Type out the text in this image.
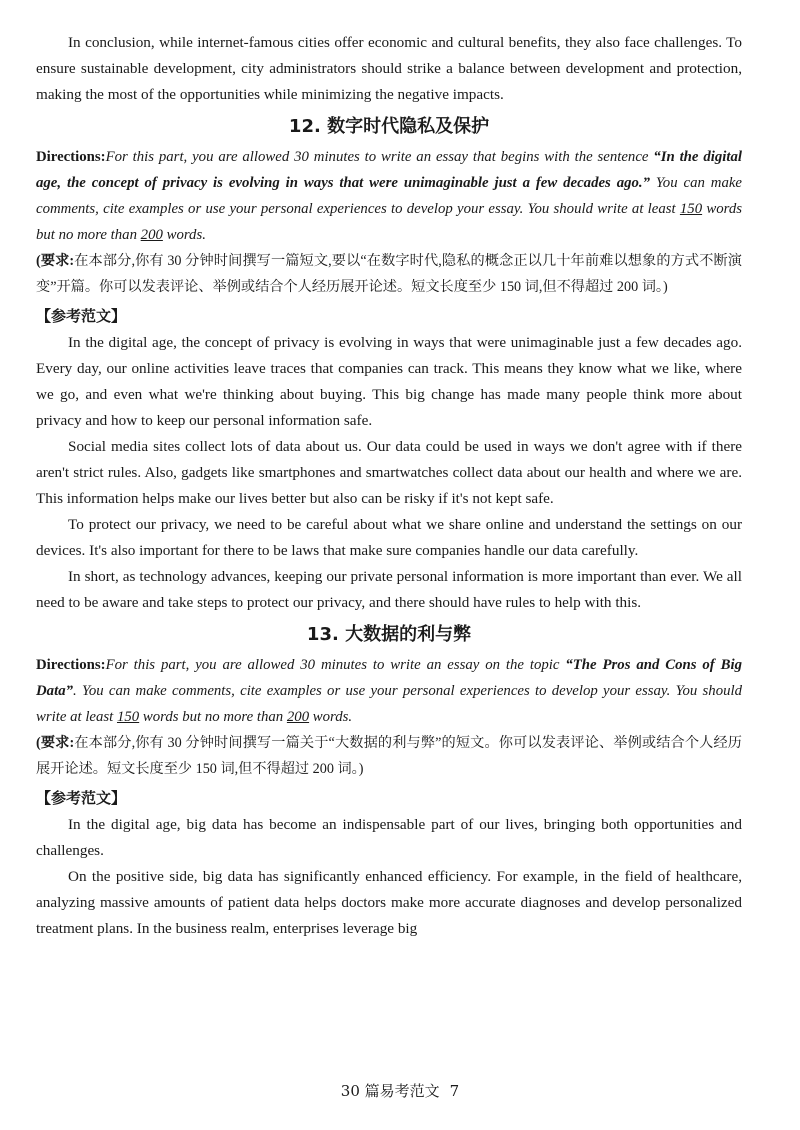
In conclusion, while internet-famous cities offer economic and cultural benefits, they also face challenges. To ensure sustainable development, city administrators should strike a balance between development and protection, making the most of the opportunities while minimizing the negative impacts.

12. 数字时代隐私及保护

Directions:For this part, you are allowed 30 minutes to write an essay that begins with the sentence “In the digital age, the concept of privacy is evolving in ways that were unimaginable just a few decades ago.” You can make comments, cite examples or use your personal experiences to develop your essay. You should write at least 150 words but no more than 200 words.

(要求:在本部分,你有 30 分钟时间撰写一篇短文,要以“在数字时代,隐私的概念正以几十年前难以想象的方式不断演变”开篇。你可以发表评论、举例或结合个人经历展开论述。短文长度至少 150 词,但不得超过 200 词。)

【参考范文】

In the digital age, the concept of privacy is evolving in ways that were unimaginable just a few decades ago. Every day, our online activities leave traces that companies can track. This means they know what we like, where we go, and even what we're thinking about buying. This big change has made many people think more about privacy and how to keep our personal information safe.

Social media sites collect lots of data about us. Our data could be used in ways we don't agree with if there aren't strict rules. Also, gadgets like smartphones and smartwatches collect data about our health and where we are. This information helps make our lives better but also can be risky if it's not kept safe.

To protect our privacy, we need to be careful about what we share online and understand the settings on our devices. It's also important for there to be laws that make sure companies handle our data carefully.

In short, as technology advances, keeping our private personal information is more important than ever. We all need to be aware and take steps to protect our privacy, and there should have rules to help with this.

13. 大数据的利与弊

Directions:For this part, you are allowed 30 minutes to write an essay on the topic “The Pros and Cons of Big Data”. You can make comments, cite examples or use your personal experiences to develop your essay. You should write at least 150 words but no more than 200 words.

(要求:在本部分,你有 30 分钟时间撰写一篇关于“大数据的利与弊”的短文。你可以发表评论、举例或结合个人经历展开论述。短文长度至少 150 词,但不得超过 200 词。)

【参考范文】

In the digital age, big data has become an indispensable part of our lives, bringing both opportunities and challenges.

On the positive side, big data has significantly enhanced efficiency. For example, in the field of healthcare, analyzing massive amounts of patient data helps doctors make more accurate diagnoses and develop personalized treatment plans. In the business realm, enterprises leverage big

30 篇易考范文 7
